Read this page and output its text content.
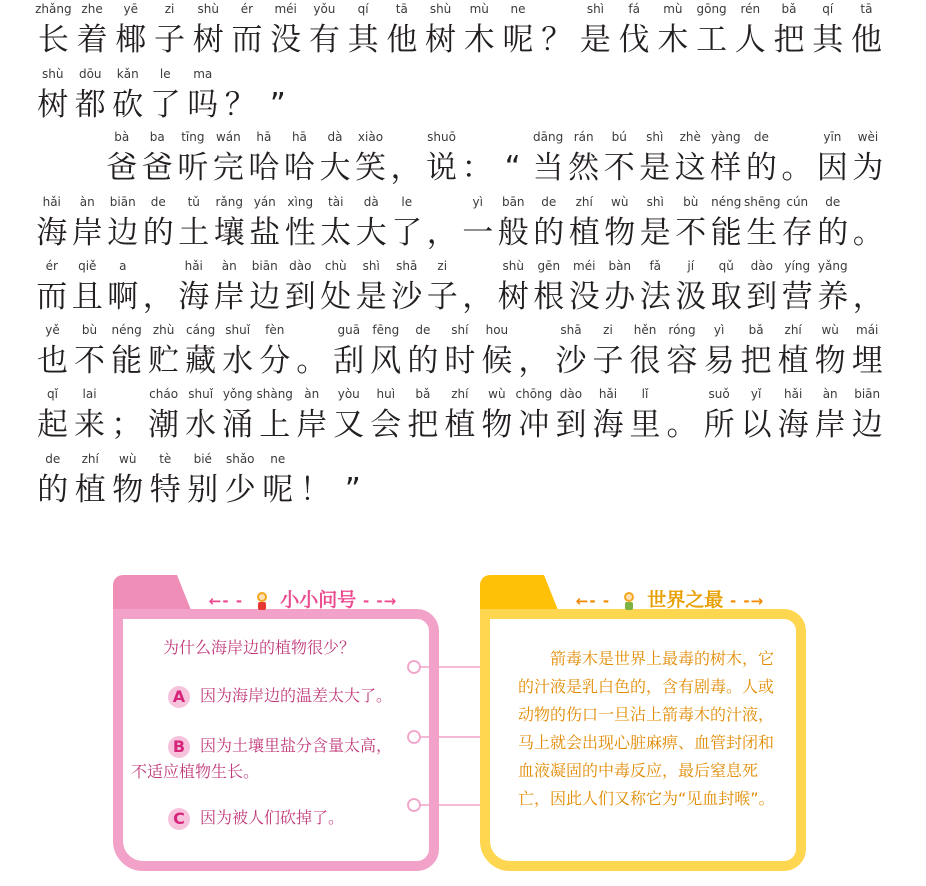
zhǎng
长
zhe
着
yē
椰
zi
子
shù
树
ér
而
méi
没
yǒu
有
qí
其
tā
他
shù
树
mù
木
ne
呢
？
shì
是
fá
伐
mù
木
gōng
工
rén
人
bǎ
把
qí
其
tā
他
shù
树
dōu
都
kǎn
砍
le
了
ma
吗
？
”
bà
爸
ba
爸
tīng
听
wán
完
hā
哈
hā
哈
dà
大
xiào
笑
，
shuō
说
：
“
dāng
当
rán
然
bú
不
shì
是
zhè
这
yàng
样
de
的
。
yīn
因
wèi
为
hǎi
海
àn
岸
biān
边
de
的
tǔ
土
rǎng
壤
yán
盐
xìng
性
tài
太
dà
大
le
了
，
yì
一
bān
般
de
的
zhí
植
wù
物
shì
是
bù
不
néng
能
shēng
生
cún
存
de
的
。
ér
而
qiě
且
a
啊
，
hǎi
海
àn
岸
biān
边
dào
到
chù
处
shì
是
shā
沙
zi
子
，
shù
树
gēn
根
méi
没
bàn
办
fǎ
法
jí
汲
qǔ
取
dào
到
yíng
营
yǎng
养
，
yě
也
bù
不
néng
能
zhù
贮
cáng
藏
shuǐ
水
fèn
分
。
guā
刮
fēng
风
de
的
shí
时
hou
候
，
shā
沙
zi
子
hěn
很
róng
容
yì
易
bǎ
把
zhí
植
wù
物
mái
埋
qǐ
起
lai
来
；
cháo
潮
shuǐ
水
yǒng
涌
shàng
上
àn
岸
yòu
又
huì
会
bǎ
把
zhí
植
wù
物
chōng
冲
dào
到
hǎi
海
lǐ
里
。
suǒ
所
yǐ
以
hǎi
海
àn
岸
biān
边
de
的
zhí
植
wù
物
tè
特
bié
别
shǎo
少
ne
呢
！
”
←- - 小小问号 - -→
为什么海岸边的植物很少？
A 因为海岸边的温差太大了。
B 因为土壤里盐分含量太高，不适应植物生长。
C 因为被人们砍掉了。
←- - 世界之最 - -→
箭毒木是世界上最毒的树木，它的汁液是乳白色的，含有剧毒。人或动物的伤口一旦沾上箭毒木的汁液，马上就会出现心脏麻痹、血管封闭和血液凝固的中毒反应，最后窒息死亡，因此人们又称它为“见血封喉”。
